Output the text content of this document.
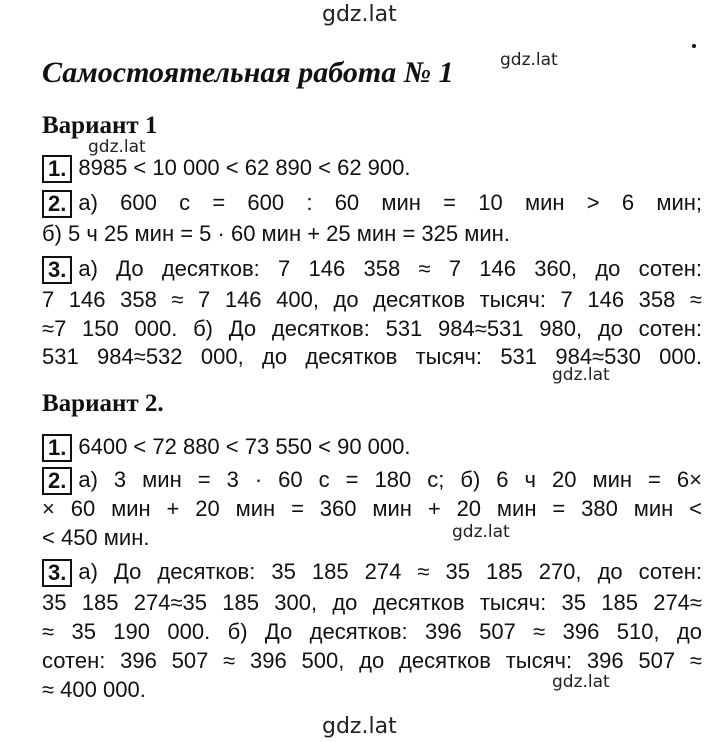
gdz.lat
gdz.lat
gdz.lat
gdz.lat
gdz.lat
gdz.lat
gdz.lat
Самостоятельная работа № 1
Вариант 1
1. 8985 < 10 000 < 62 890 < 62 900.
2. а) 600 с = 600 : 60 мин = 10 мин > 6 мин;
б) 5 ч 25 мин = 5 · 60 мин + 25 мин = 325 мин.
3. а) До десятков: 7 146 358 ≈ 7 146 360, до сотен:
7 146 358 ≈ 7 146 400, до десятков тысяч: 7 146 358 ≈
≈7 150 000. б) До десятков: 531 984≈531 980, до сотен:
531 984≈532 000, до десятков тысяч: 531 984≈530 000.
Вариант 2.
1. 6400 < 72 880 < 73 550 < 90 000.
2. а) 3 мин = 3 · 60 с = 180 с; б) 6 ч 20 мин = 6×
× 60 мин + 20 мин = 360 мин + 20 мин = 380 мин <
< 450 мин.
3. а) До десятков: 35 185 274 ≈ 35 185 270, до сотен:
35 185 274≈35 185 300, до десятков тысяч: 35 185 274≈
≈ 35 190 000. б) До десятков: 396 507 ≈ 396 510, до
сотен: 396 507 ≈ 396 500, до десятков тысяч: 396 507 ≈
≈ 400 000.
